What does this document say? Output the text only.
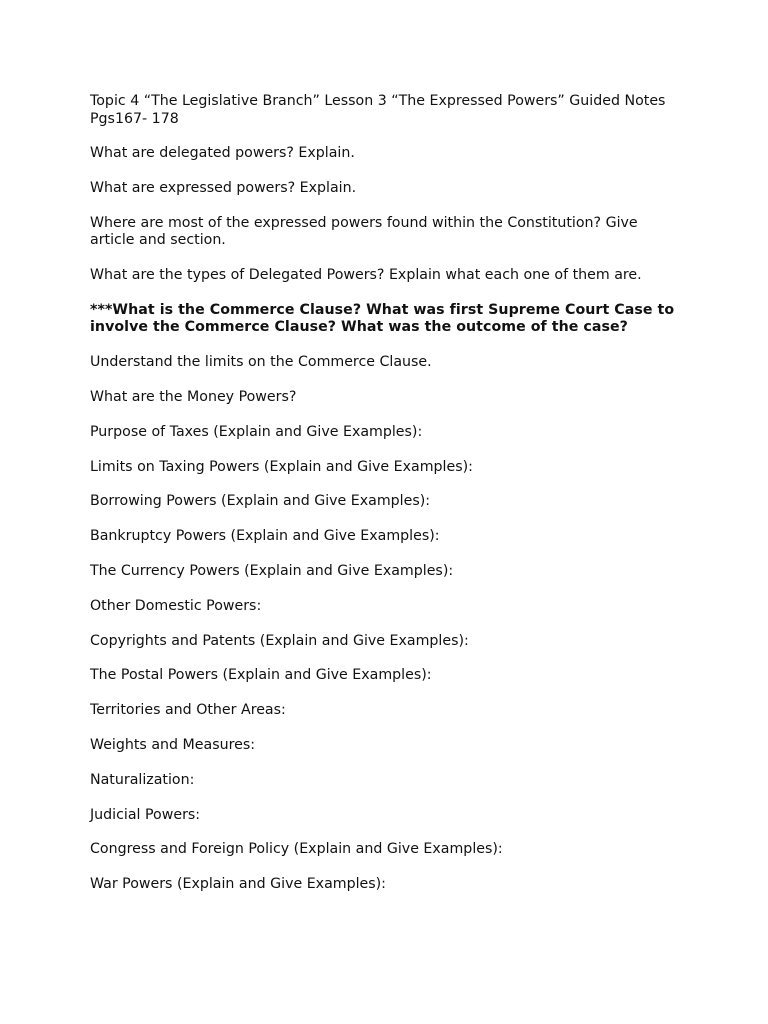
Topic 4 “The Legislative Branch” Lesson 3 “The Expressed Powers” Guided Notes Pgs167- 178

What are delegated powers? Explain.

What are expressed powers? Explain.

Where are most of the expressed powers found within the Constitution? Give article and section.

What are the types of Delegated Powers? Explain what each one of them are.

***What is the Commerce Clause? What was first Supreme Court Case to involve the Commerce Clause? What was the outcome of the case?

Understand the limits on the Commerce Clause.

What are the Money Powers?

Purpose of Taxes (Explain and Give Examples):

Limits on Taxing Powers (Explain and Give Examples):

Borrowing Powers (Explain and Give Examples):

Bankruptcy Powers (Explain and Give Examples):

The Currency Powers (Explain and Give Examples):

Other Domestic Powers:

Copyrights and Patents (Explain and Give Examples):

The Postal Powers (Explain and Give Examples):

Territories and Other Areas:

Weights and Measures:

Naturalization:

Judicial Powers:

Congress and Foreign Policy (Explain and Give Examples):

War Powers (Explain and Give Examples):
